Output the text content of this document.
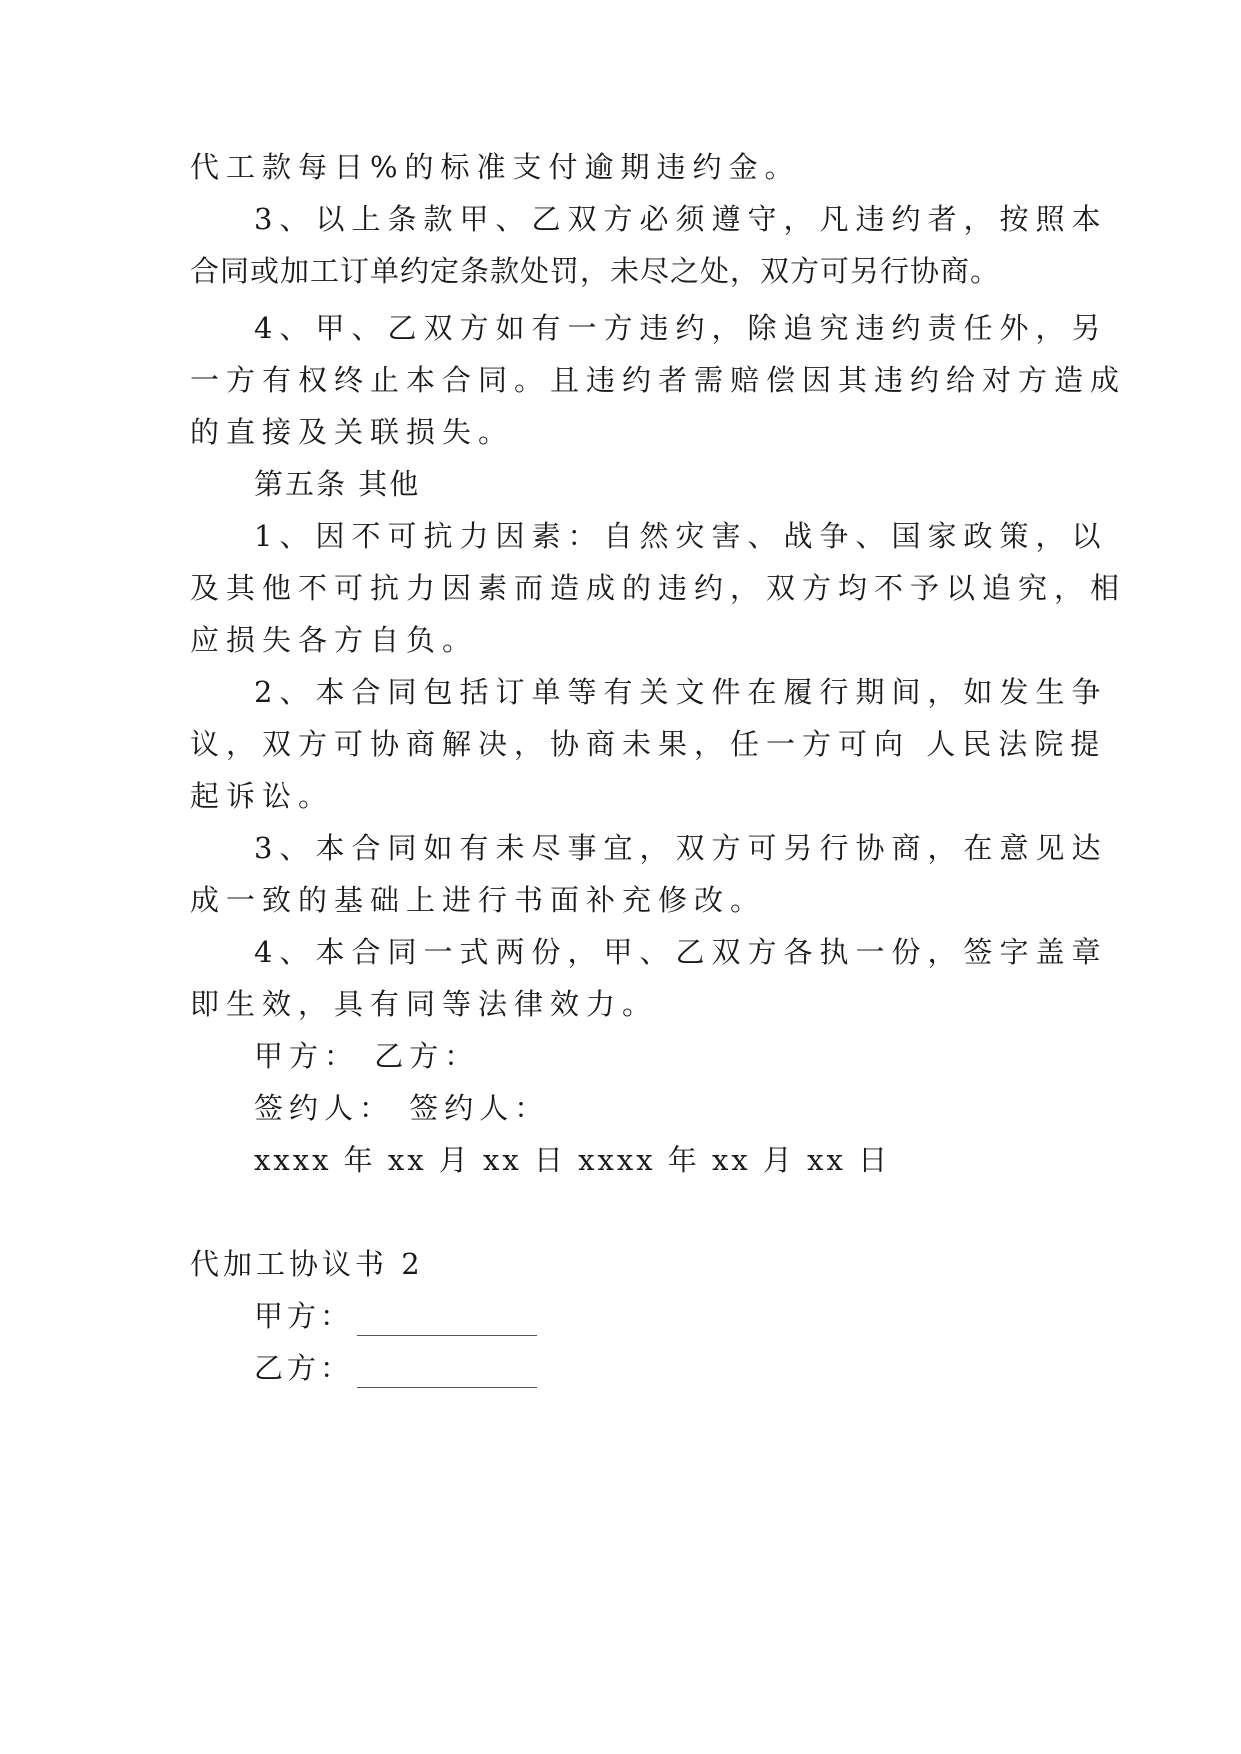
代工款每日%的标准支付逾期违约金。
3、以上条款甲、乙双方必须遵守，凡违约者，按照本
合同或加工订单约定条款处罚，未尽之处，双方可另行协商。
4、甲、乙双方如有一方违约，除追究违约责任外，另
一方有权终止本合同。且违约者需赔偿因其违约给对方造成
的直接及关联损失。
第五条 其他
1、因不可抗力因素：自然灾害、战争、国家政策，以
及其他不可抗力因素而造成的违约，双方均不予以追究，相
应损失各方自负。
2、本合同包括订单等有关文件在履行期间，如发生争
议，双方可协商解决，协商未果，任一方可向 人民法院提
起诉讼。
3、本合同如有未尽事宜，双方可另行协商，在意见达
成一致的基础上进行书面补充修改。
4、本合同一式两份，甲、乙双方各执一份，签字盖章
即生效，具有同等法律效力。
甲方： 乙方：
签约人： 签约人：
xxxx 年 xx 月 xx 日 xxxx 年 xx 月 xx 日
代加工协议书 2
甲方：
乙方：
